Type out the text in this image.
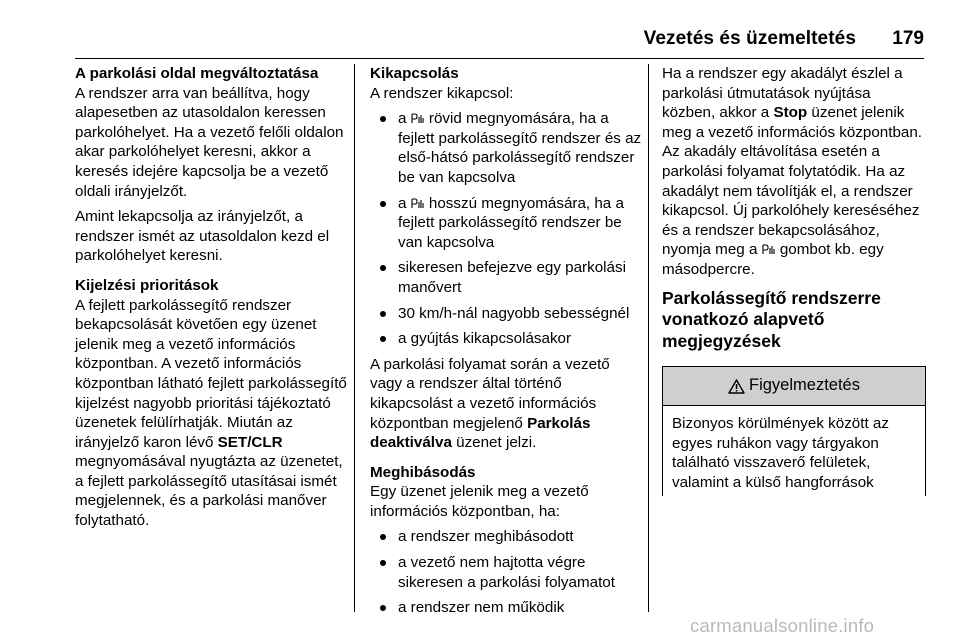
Vezetés és üzemeltetés 179
A parkolási oldal megváltoztatása

A rendszer arra van beállítva, hogy alapesetben az utasoldalon keressen parkolóhelyet. Ha a vezető felőli oldalon akar parkolóhelyet keresni, akkor a keresés idejére kapcsolja be a vezető oldali irányjelzőt.

Amint lekapcsolja az irányjelzőt, a rendszer ismét az utasoldalon kezd el parkolóhelyet keresni.

Kijelzési prioritások

A fejlett parkolássegítő rendszer bekapcsolását követően egy üzenet jelenik meg a vezető információs központban. A vezető információs központban látható fejlett parkolássegítő kijelzést nagyobb prioritási tájékoztató üzenetek felülírhatják. Miután az irányjelző karon lévő SET/CLR megnyomásával nyugtázta az üzenetet, a fejlett parkolássegítő utasításai ismét megjelennek, és a parkolási manőver folytatható.

Kikapcsolás

A rendszer kikapcsol:

a  rövid megnyomására, ha a fejlett parkolássegítő rendszer és az első-hátsó parkolássegítő rendszer be van kapcsolva
a  hosszú megnyomására, ha a fejlett parkolássegítő rendszer be van kapcsolva
sikeresen befejezve egy parkolási manővert
30 km/h-nál nagyobb sebességnél
a gyújtás kikapcsolásakor

A parkolási folyamat során a vezető vagy a rendszer által történő kikapcsolást a vezető információs központban megjelenő Parkolás deaktiválva üzenet jelzi.

Meghibásodás

Egy üzenet jelenik meg a vezető információs központban, ha:

a rendszer meghibásodott
a vezető nem hajtotta végre sikeresen a parkolási folyamatot
a rendszer nem működik

Ha a rendszer egy akadályt észlel a parkolási útmutatások nyújtása közben, akkor a Stop üzenet jelenik meg a vezető információs központban. Az akadály eltávolítása esetén a parkolási folyamat folytatódik. Ha az akadályt nem távolítják el, a rendszer kikapcsol. Új parkolóhely kereséséhez és a rendszer bekapcsolásához, nyomja meg a  gombot kb. egy másodpercre.

Parkolássegítő rendszerre vonatkozó alapvető megjegyzések
Figyelmeztetés
Bizonyos körülmények között az egyes ruhákon vagy tárgyakon található visszaverő felületek, valamint a külső hangforrások
carmanualsonline.info
